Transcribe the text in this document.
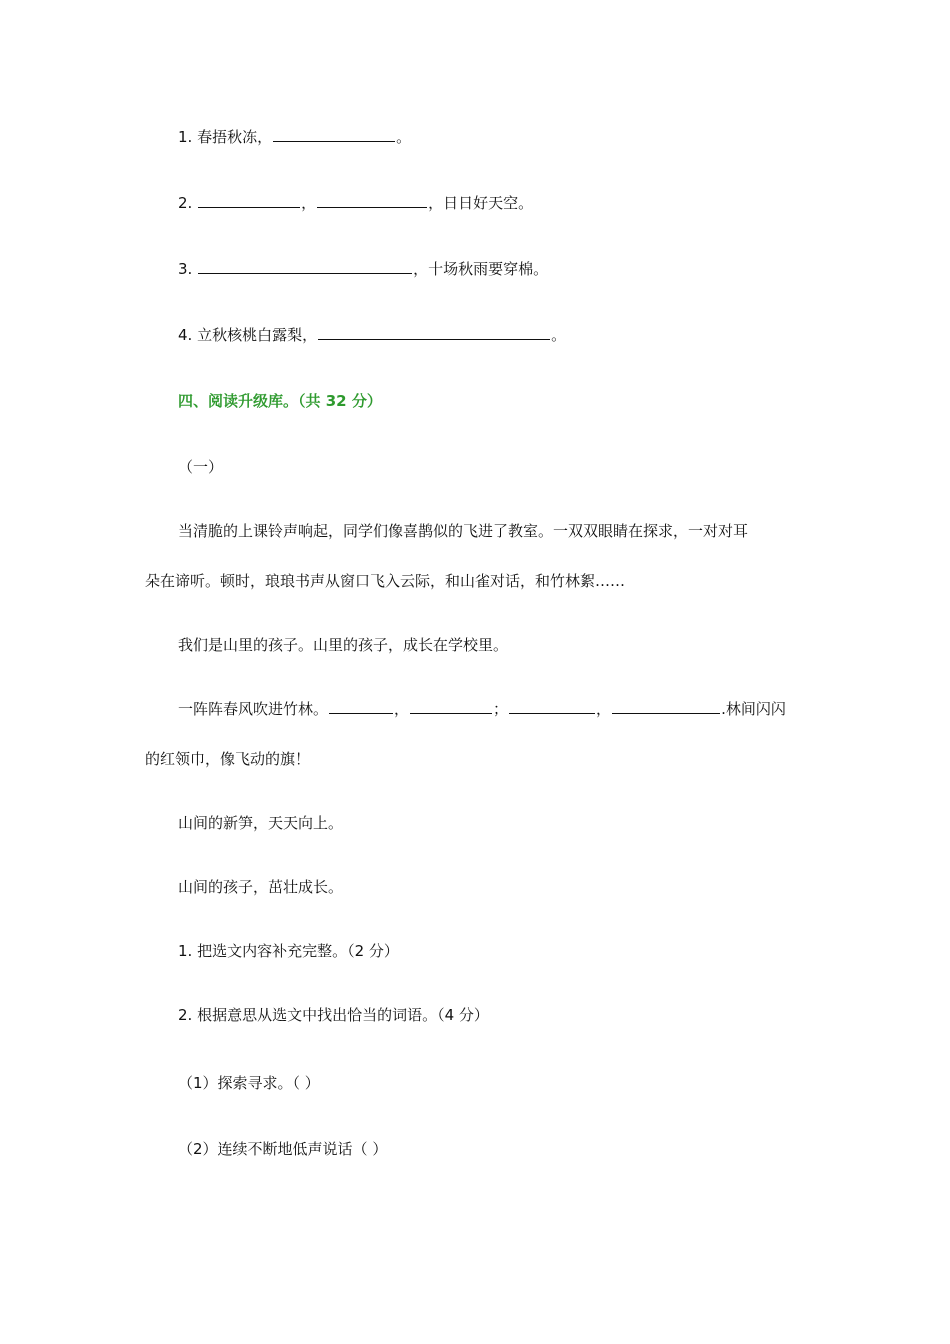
1. 春捂秋冻，	。
2.	，	，日日好天空。
3.	，十场秋雨要穿棉。
4. 立秋核桃白露梨，	。
四、阅读升级库。（共 32 分）
（一）
当清脆的上课铃声响起，同学们像喜鹊似的飞进了教室。一双双眼睛在探求，一对对耳
朵在谛听。顿时，琅琅书声从窗口飞入云际，和山雀对话，和竹林絮……
我们是山里的孩子。山里的孩子，成长在学校里。
一阵阵春风吹进竹林。	，	；	，	.林间闪闪
的红领巾，像飞动的旗！
山间的新笋，天天向上。
山间的孩子，茁壮成长。
1. 把选文内容补充完整。（2 分）
2. 根据意思从选文中找出恰当的词语。（4 分）
（1）探索寻求。（ ）
（2）连续不断地低声说话（ ）
